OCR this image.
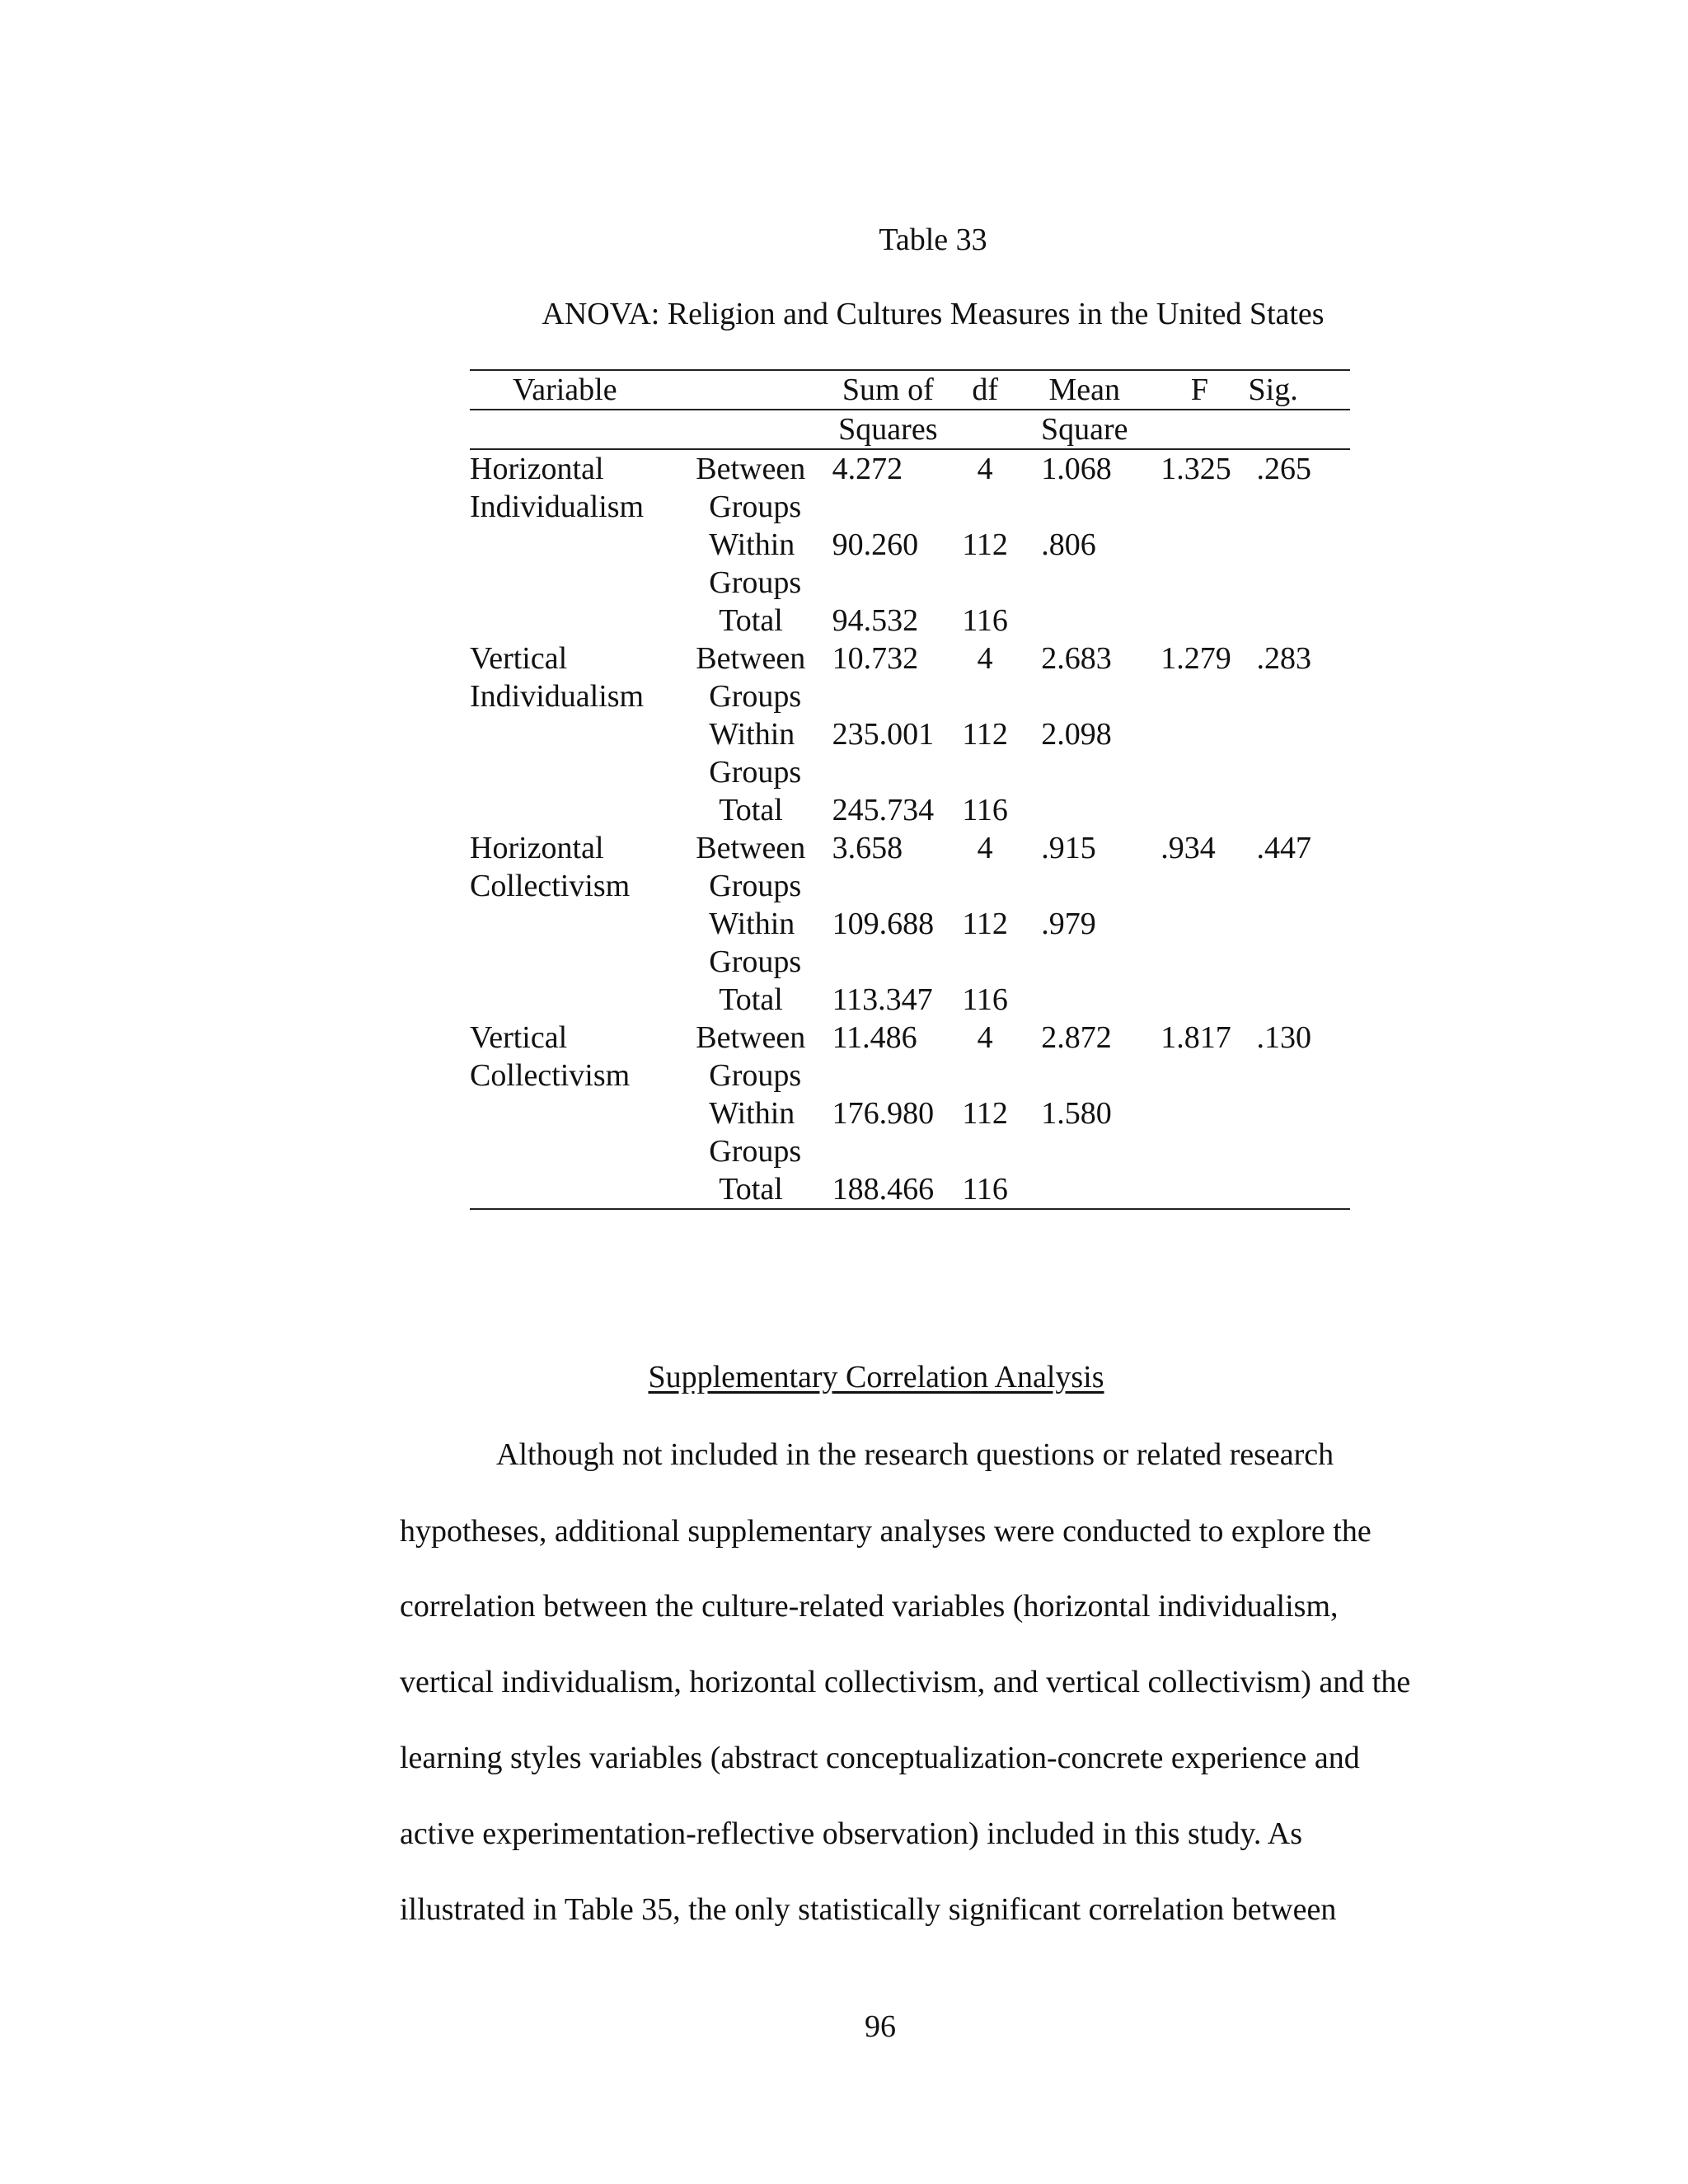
Table 33
ANOVA: Religion and Cultures Measures in the United States
Variable		Sum of	df	Mean	F	Sig.
		Squares		Square		
Horizontal	Between	4.272	4	1.068	1.325	.265
Individualism	Groups					
	Within	90.260	112	.806		
	Groups					
	Total	94.532	116			
Vertical	Between	10.732	4	2.683	1.279	.283
Individualism	Groups					
	Within	235.001	112	2.098		
	Groups					
	Total	245.734	116			
Horizontal	Between	3.658	4	.915	.934	.447
Collectivism	Groups					
	Within	109.688	112	.979		
	Groups					
	Total	113.347	116			
Vertical	Between	11.486	4	2.872	1.817	.130
Collectivism	Groups					
	Within	176.980	112	1.580		
	Groups					
	Total	188.466	116			
Supplementary Correlation Analysis
Although not included in the research questions or related research
hypotheses, additional supplementary analyses were conducted to explore the
correlation between the culture-related variables (horizontal individualism,
vertical individualism, horizontal collectivism, and vertical collectivism) and the
learning styles variables (abstract conceptualization-concrete experience and
active experimentation-reflective observation) included in this study. As
illustrated in Table 35, the only statistically significant correlation between
96
